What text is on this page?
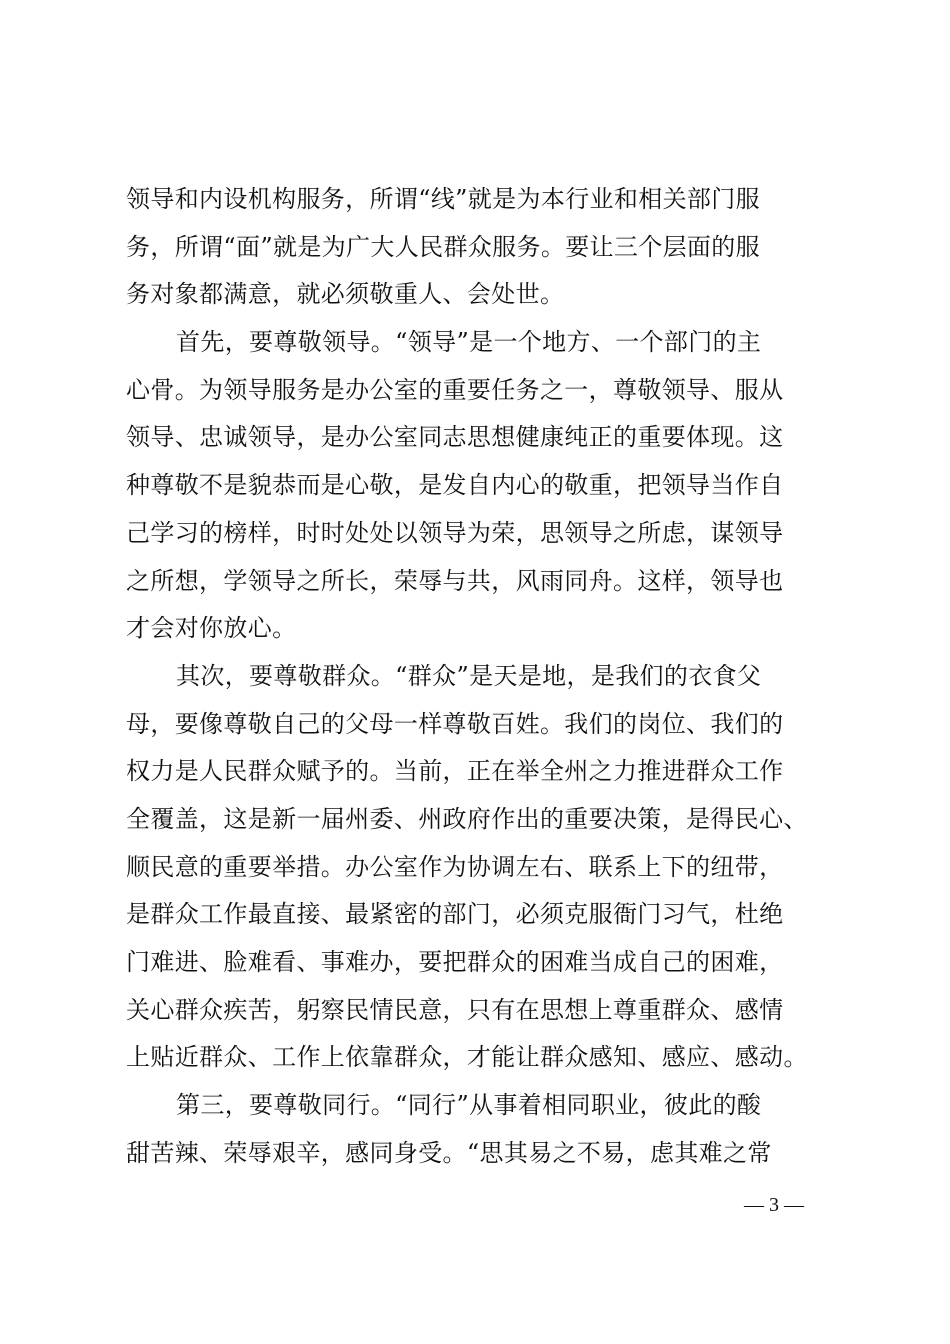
领导和内设机构服务，所谓“线”就是为本行业和相关部门服
务，所谓“面”就是为广大人民群众服务。要让三个层面的服
务对象都满意，就必须敬重人、会处世。
首先，要尊敬领导。“领导”是一个地方、一个部门的主
心骨。为领导服务是办公室的重要任务之一，尊敬领导、服从
领导、忠诚领导，是办公室同志思想健康纯正的重要体现。这
种尊敬不是貌恭而是心敬，是发自内心的敬重，把领导当作自
己学习的榜样，时时处处以领导为荣，思领导之所虑，谋领导
之所想，学领导之所长，荣辱与共，风雨同舟。这样，领导也
才会对你放心。
其次，要尊敬群众。“群众”是天是地，是我们的衣食父
母，要像尊敬自己的父母一样尊敬百姓。我们的岗位、我们的
权力是人民群众赋予的。当前，正在举全州之力推进群众工作
全覆盖，这是新一届州委、州政府作出的重要决策，是得民心、
顺民意的重要举措。办公室作为协调左右、联系上下的纽带，
是群众工作最直接、最紧密的部门，必须克服衙门习气，杜绝
门难进、脸难看、事难办，要把群众的困难当成自己的困难，
关心群众疾苦，躬察民情民意，只有在思想上尊重群众、感情
上贴近群众、工作上依靠群众，才能让群众感知、感应、感动。
第三，要尊敬同行。“同行”从事着相同职业，彼此的酸
甜苦辣、荣辱艰辛，感同身受。“思其易之不易，虑其难之常
— 3 —
